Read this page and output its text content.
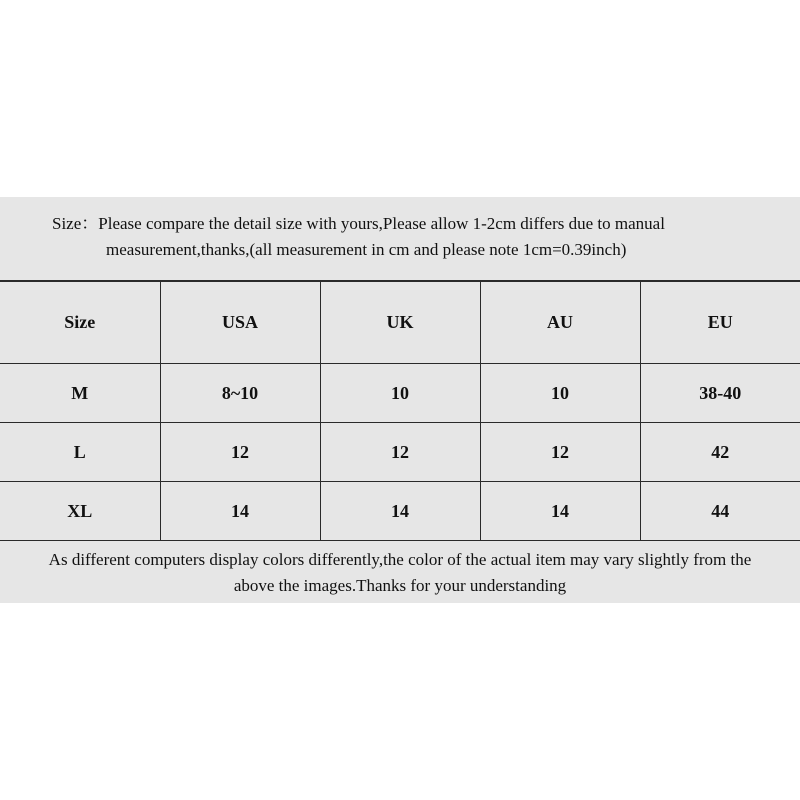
Size：Please compare the detail size with yours,Please allow 1-2cm differs due to manual
measurement,thanks,(all measurement in cm and please note 1cm=0.39inch)
Size	USA	UK	AU	EU
M	8~10	10	10	38-40
L	12	12	12	42
XL	14	14	14	44
As different computers display colors differently,the color of the actual item may vary slightly from the
above the images.Thanks for your understanding
